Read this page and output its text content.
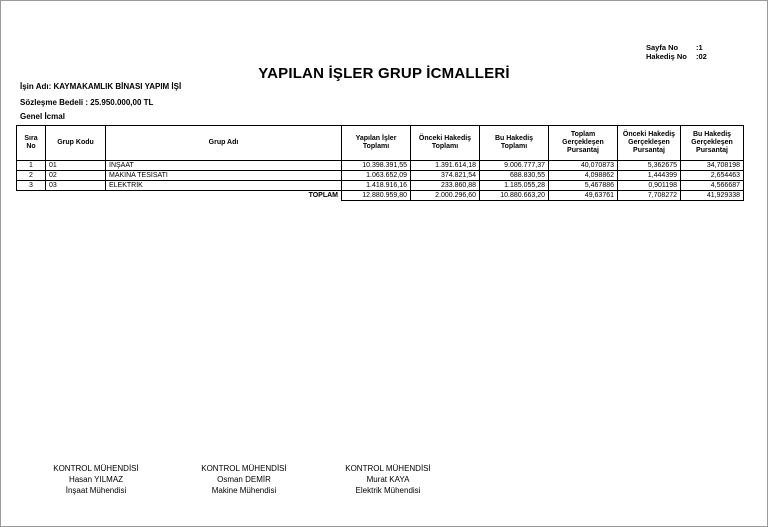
Sayfa No	:1
Hakediş No	:02
YAPILAN İŞLER GRUP İCMALLERİ
İşin Adı: KAYMAKAMLIK BİNASI YAPIM İŞİ
Sözleşme Bedeli : 25.950.000,00 TL
Genel İcmal
Sıra No	Grup Kodu	Grup Adı	Yapılan İşler Toplamı	Önceki Hakediş Toplamı	Bu Hakediş Toplamı	Toplam Gerçekleşen Pursantaj	Önceki Hakediş Gerçekleşen Pursantaj	Bu Hakediş Gerçekleşen Pursantaj
1	01	İNŞAAT	10.398.391,55	1.391.614,18	9.006.777,37	40,070873	5,362675	34,708198
2	02	MAKİNA TESİSATI	1.063.652,09	374.821,54	688.830,55	4,098862	1,444399	2,654463
3	03	ELEKTRİK	1.418.916,16	233.860,88	1.185.055,28	5,467886	0,901198	4,566687
		TOPLAM	12.880.959,80	2.000.296,60	10.880.663,20	49,63761	7,708272	41,929338
KONTROL MÜHENDİSİ
Hasan YILMAZ
İnşaat Mühendisi
KONTROL MÜHENDİSİ
Osman DEMİR
Makine Mühendisi
KONTROL MÜHENDİSİ
Murat KAYA
Elektrik Mühendisi
